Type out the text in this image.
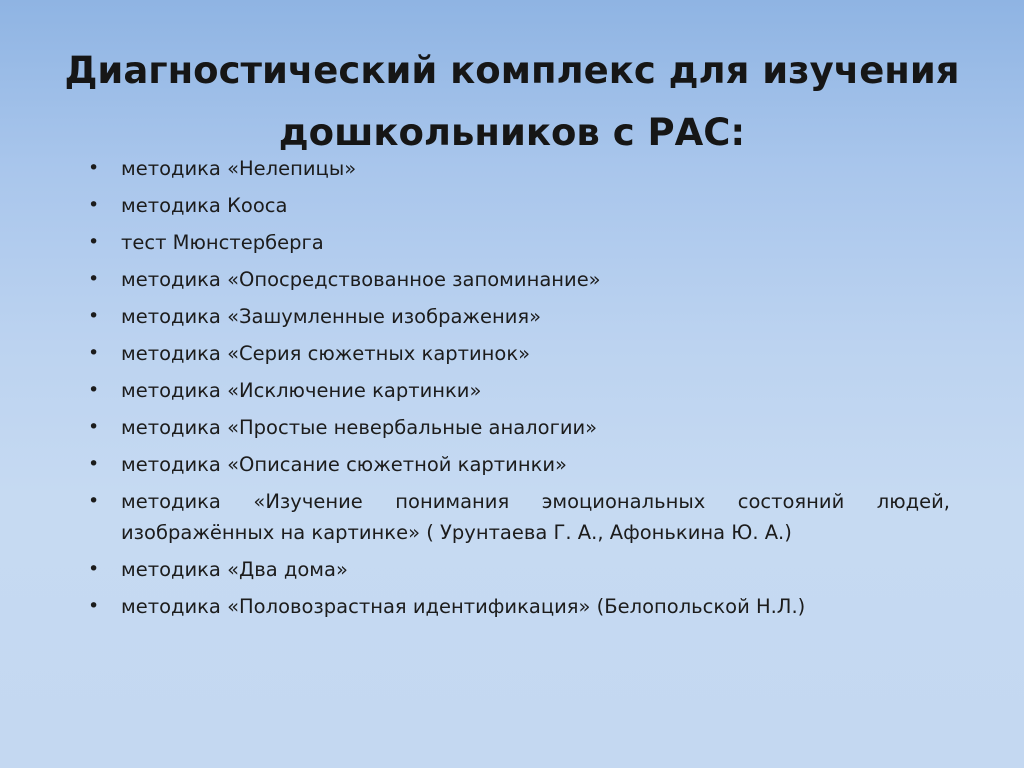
Диагностический комплекс для изучения
дошкольников с РАС:
• методика «Нелепицы»
• методика Кооса
• тест Мюнстерберга
• методика «Опосредствованное запоминание»
• методика «Зашумленные изображения»
• методика «Серия сюжетных картинок»
• методика «Исключение картинки»
• методика «Простые невербальные аналогии»
• методика «Описание сюжетной картинки»
• методика «Изучение понимания эмоциональных состояний людей, изображённых на картинке» ( Урунтаева Г. А., Афонькина Ю. А.)
• методика «Два дома»
• методика «Половозрастная идентификация» (Белопольской Н.Л.)
